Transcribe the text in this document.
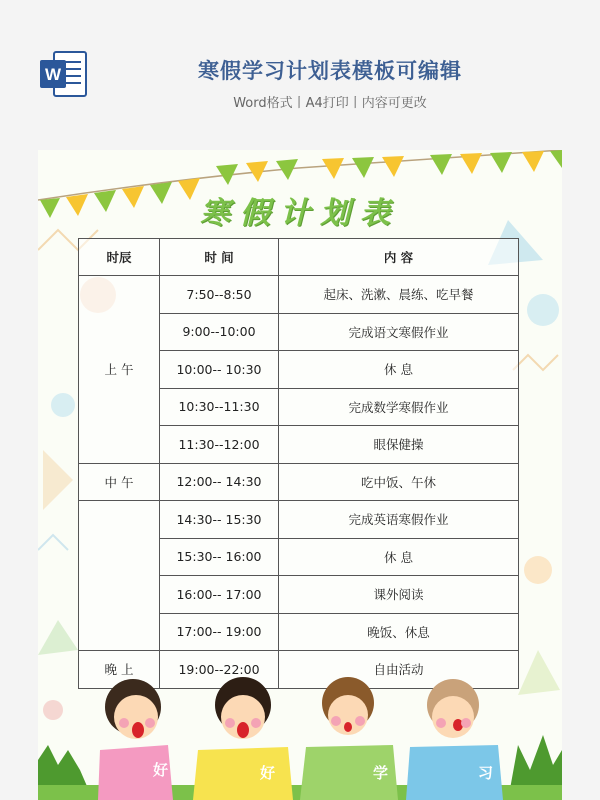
W	寒假学习计划表模板可编辑
Word格式丨A4打印丨内容可更改
寒假计划表
时辰	时 间	内 容
上 午	7:50--8:50	起床、洗漱、晨练、吃早餐
	9:00--10:00	完成语文寒假作业
	10:00-- 10:30	休 息
	10:30--11:30	完成数学寒假作业
	11:30--12:00	眼保健操
中 午	12:00-- 14:30	吃中饭、午休
	14:30-- 15:30	完成英语寒假作业
	15:30-- 16:00	休 息
	16:00-- 17:00	课外阅读
	17:00-- 19:00	晚饭、休息
晚 上	19:00--22:00	自由活动
好	好	学	习
